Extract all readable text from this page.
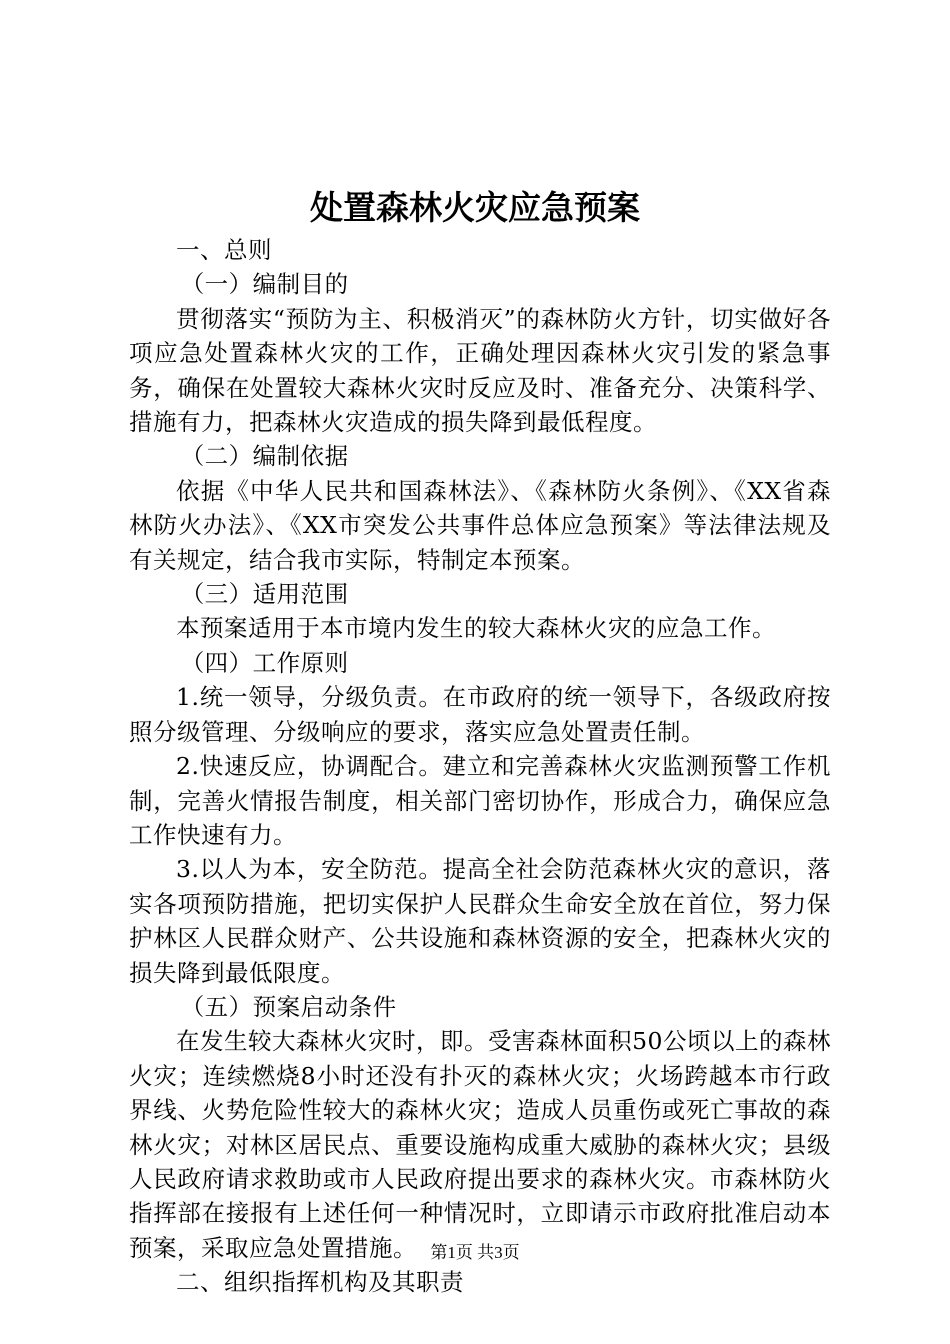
处置森林火灾应急预案

一、总则

（一）编制目的

贯彻落实“预防为主、积极消灭”的森林防火方针，切实做好各项应急处置森林火灾的工作，正确处理因森林火灾引发的紧急事务，确保在处置较大森林火灾时反应及时、准备充分、决策科学、措施有力，把森林火灾造成的损失降到最低程度。

（二）编制依据

依据《中华人民共和国森林法》、《森林防火条例》、《XX省森林防火办法》、《XX市突发公共事件总体应急预案》等法律法规及有关规定，结合我市实际，特制定本预案。

（三）适用范围

本预案适用于本市境内发生的较大森林火灾的应急工作。

（四）工作原则

1.统一领导，分级负责。在市政府的统一领导下，各级政府按照分级管理、分级响应的要求，落实应急处置责任制。

2.快速反应，协调配合。建立和完善森林火灾监测预警工作机制，完善火情报告制度，相关部门密切协作，形成合力，确保应急工作快速有力。

3.以人为本，安全防范。提高全社会防范森林火灾的意识，落实各项预防措施，把切实保护人民群众生命安全放在首位，努力保护林区人民群众财产、公共设施和森林资源的安全，把森林火灾的损失降到最低限度。

（五）预案启动条件

在发生较大森林火灾时，即。受害森林面积50公顷以上的森林火灾；连续燃烧8小时还没有扑灭的森林火灾；火场跨越本市行政界线、火势危险性较大的森林火灾；造成人员重伤或死亡事故的森林火灾；对林区居民点、重要设施构成重大威胁的森林火灾；县级人民政府请求救助或市人民政府提出要求的森林火灾。市森林防火指挥部在接报有上述任何一种情况时，立即请示市政府批准启动本预案，采取应急处置措施。

二、组织指挥机构及其职责

第1页 共3页
